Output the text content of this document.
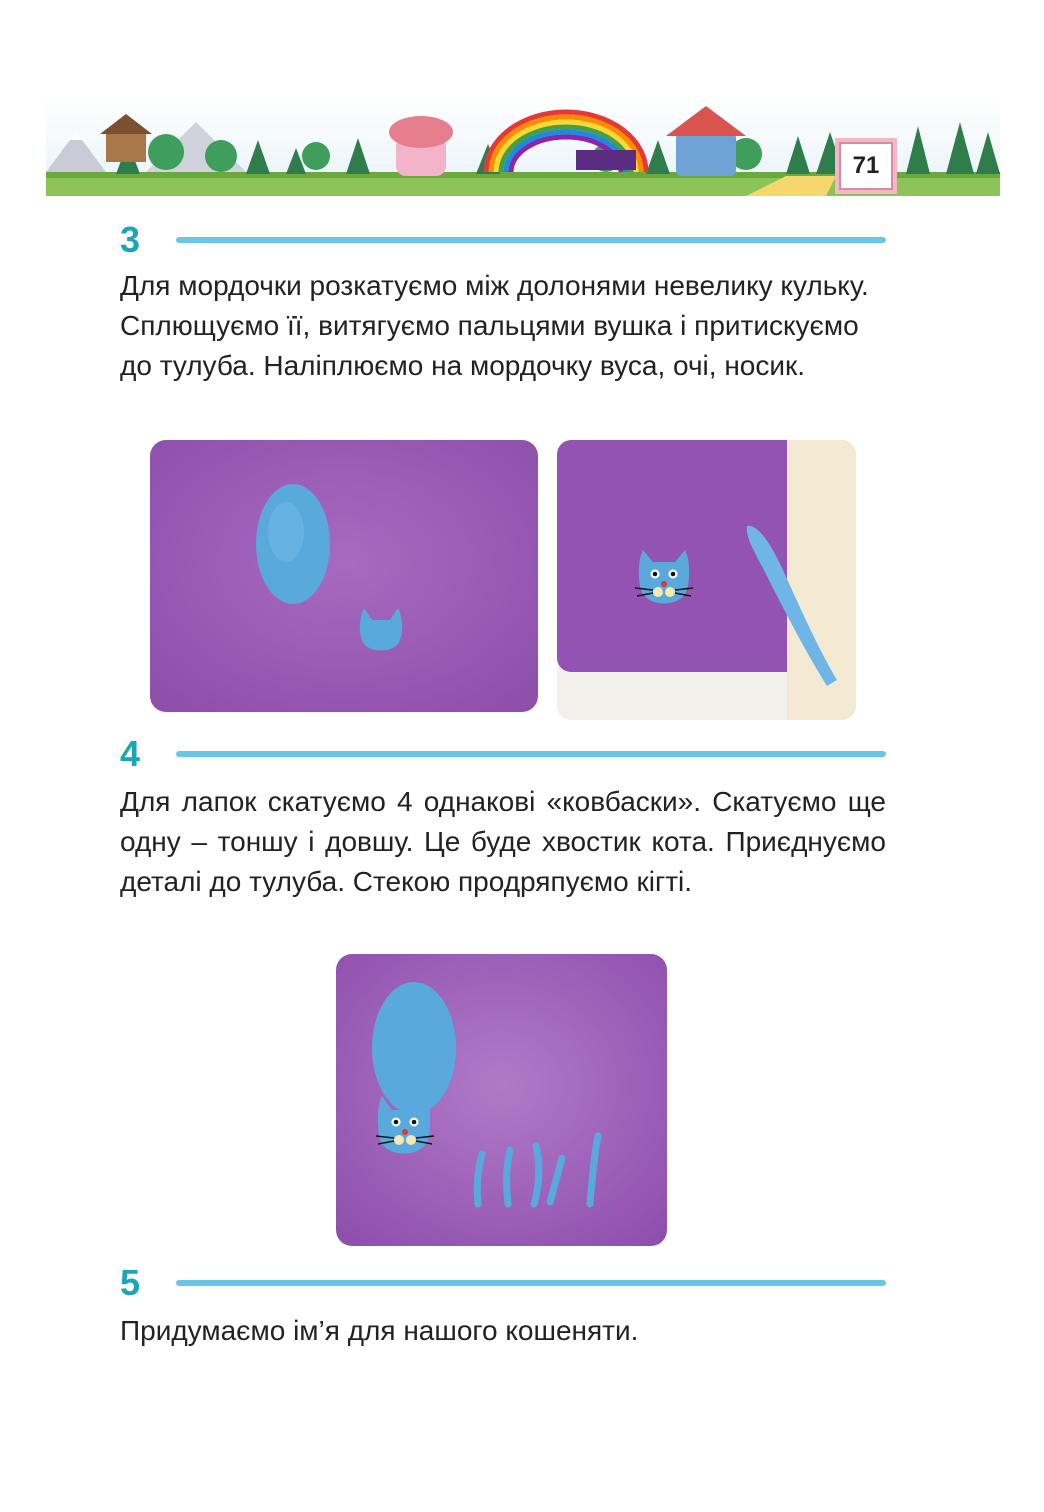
71
3

Для мордочки розкатуємо між долонями невелику кульку. Сплющуємо її, витягуємо пальцями вушка і притискуємо до тулуба. Наліплюємо на мордочку вуса, очі, носик.

4

Для лапок скатуємо 4 однакові «ковбаски». Скатуємо ще одну – тоншу і довшу. Це буде хвостик кота. Приєднуємо деталі до тулуба. Стекою продряпуємо кігті.

5

Придумаємо ім’я для нашого кошеняти.
